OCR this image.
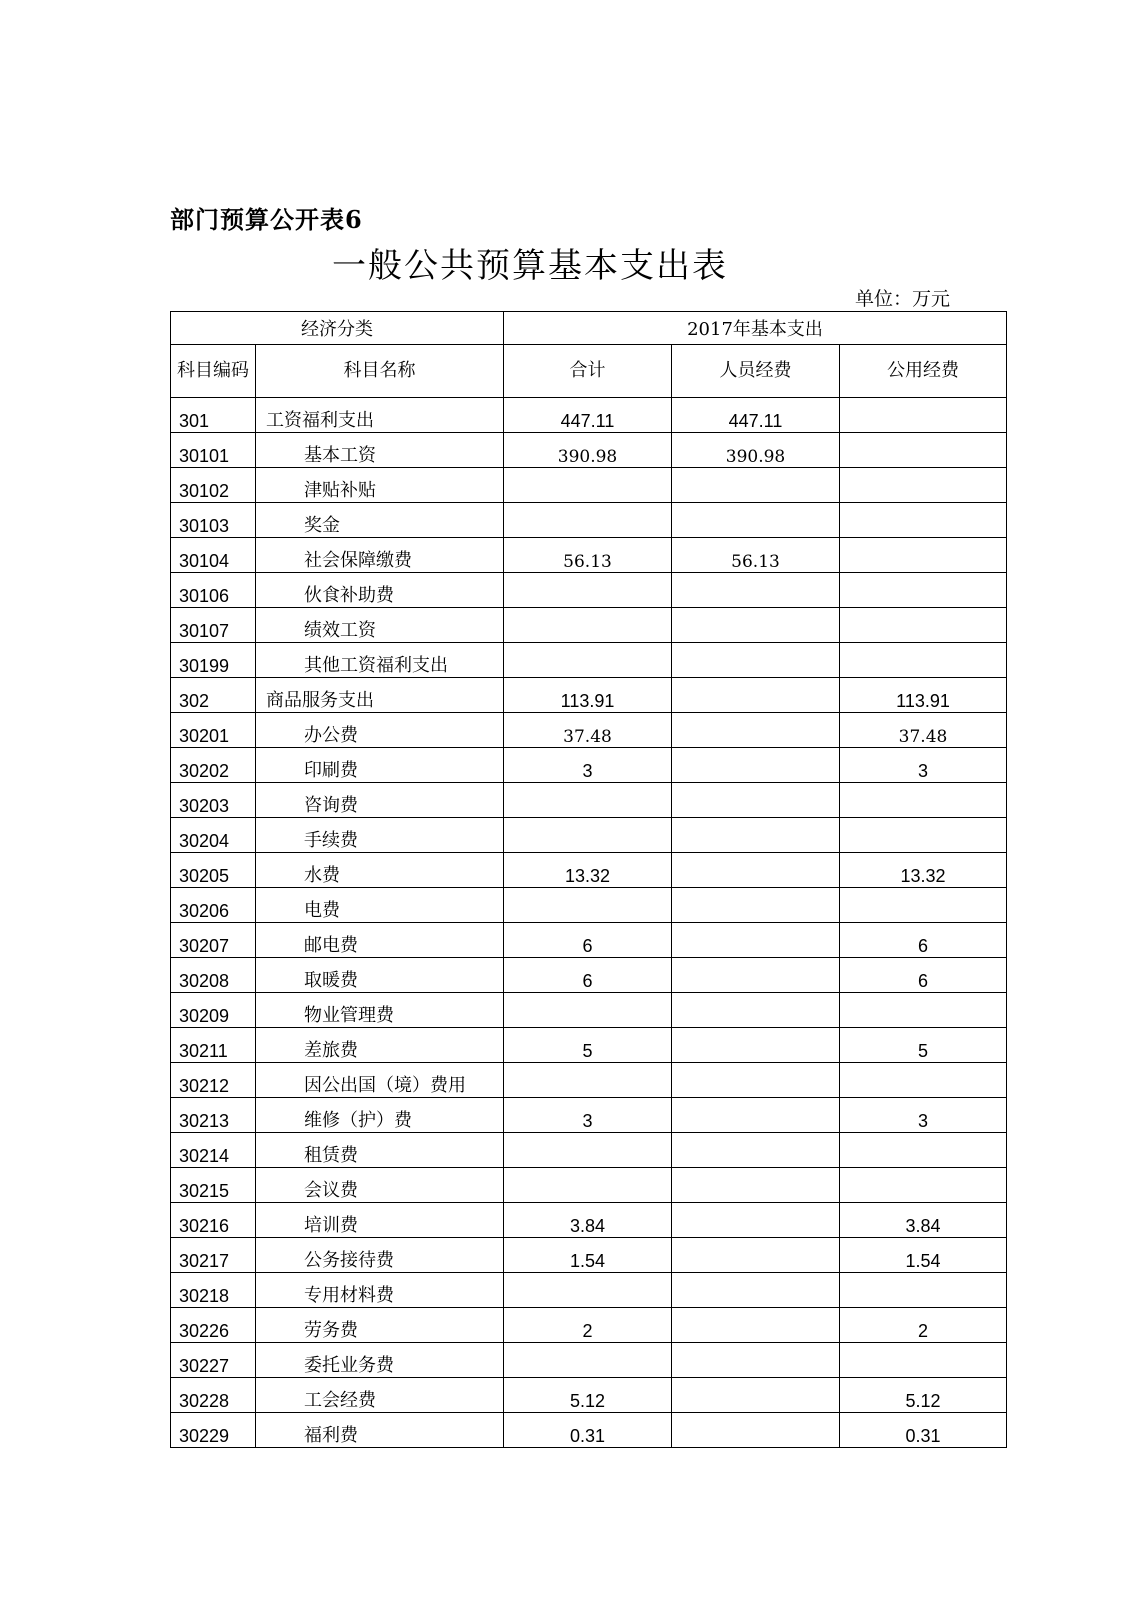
部门预算公开表6
一般公共预算基本支出表
单位：万元
经济分类		2017年基本支出		
科目编码	科目名称	合计	人员经费	公用经费
301	工资福利支出	447.11	447.11	
30101	基本工资	390.98	390.98	
30102	津贴补贴			
30103	奖金			
30104	社会保障缴费	56.13	56.13	
30106	伙食补助费			
30107	绩效工资			
30199	其他工资福利支出			
302	商品服务支出	113.91		113.91
30201	办公费	37.48		37.48
30202	印刷费	3		3
30203	咨询费			
30204	手续费			
30205	水费	13.32		13.32
30206	电费			
30207	邮电费	6		6
30208	取暖费	6		6
30209	物业管理费			
30211	差旅费	5		5
30212	因公出国（境）费用			
30213	维修（护）费	3		3
30214	租赁费			
30215	会议费			
30216	培训费	3.84		3.84
30217	公务接待费	1.54		1.54
30218	专用材料费			
30226	劳务费	2		2
30227	委托业务费			
30228	工会经费	5.12		5.12
30229	福利费	0.31		0.31
